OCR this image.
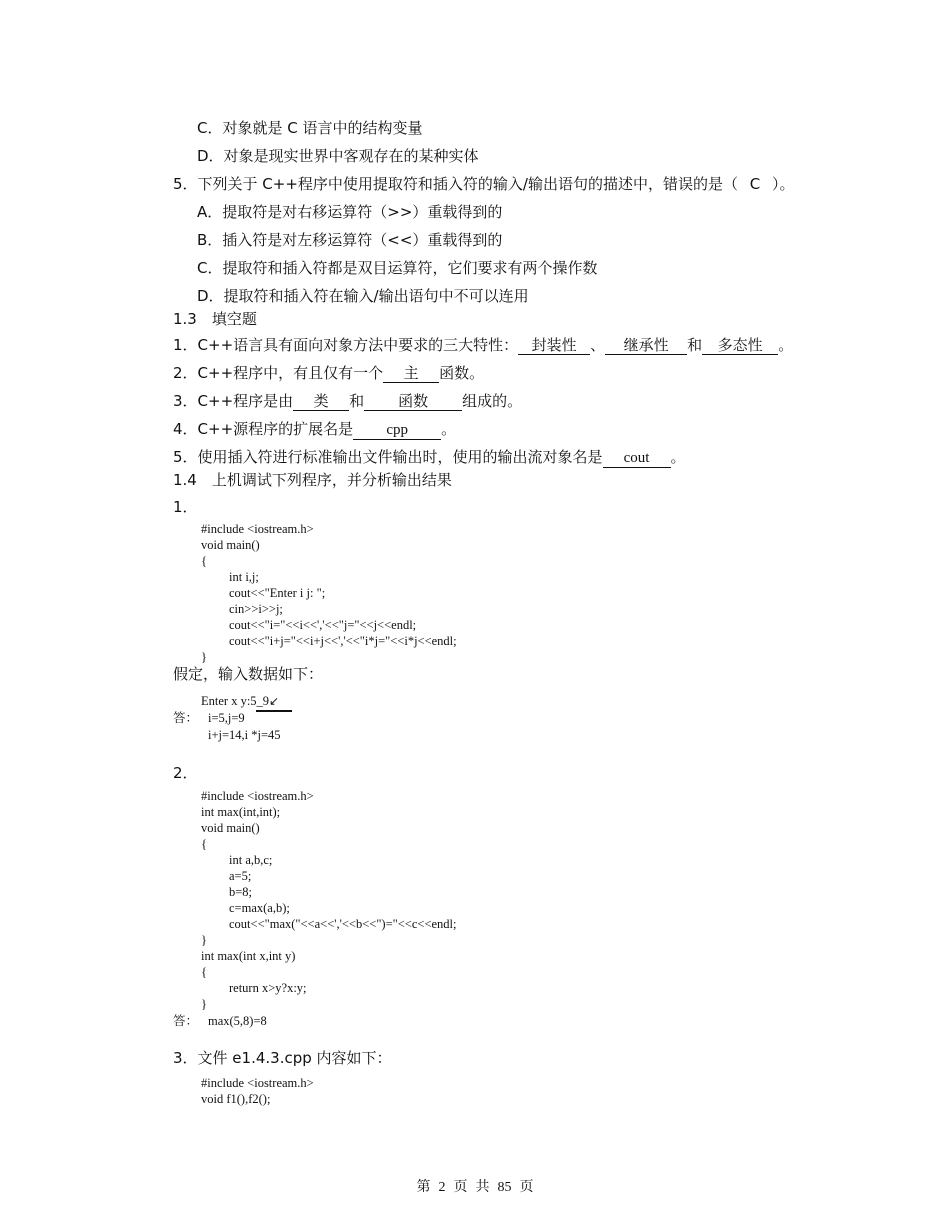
C．对象就是 C 语言中的结构变量
D．对象是现实世界中客观存在的某种实体
5．下列关于 C++程序中使用提取符和插入符的输入/输出语句的描述中，错误的是（ C ）。
A．提取符是对右移运算符（>>）重载得到的
B．插入符是对左移运算符（<<）重载得到的
C．提取符和插入符都是双目运算符，它们要求有两个操作数
D．提取符和插入符在输入/输出语句中不可以连用
1.3　填空题
1．C++语言具有面向对象方法中要求的三大特性： 封装性 、 继承性 和 多态性 。
2．C++程序中，有且仅有一个 主 函数。
3．C++程序是由 类 和 函数 组成的。
4．C++源程序的扩展名是 cpp 。
5．使用插入符进行标准输出文件输出时，使用的输出流对象名是 cout 。
1.4　上机调试下列程序，并分析输出结果
1．
#include <iostream.h>
void main()
{
int i,j;
cout<<"Enter i j: ";
cin>>i>>j;
cout<<"i="<<i<<','<<"j="<<j<<endl;
cout<<"i+j="<<i+j<<','<<"i*j="<<i*j<<endl;
}
假定，输入数据如下：
Enter x y:5_9↙
答： i=5,j=9
i+j=14,i *j=45
2．
#include <iostream.h>
int max(int,int);
void main()
{
int a,b,c;
a=5;
b=8;
c=max(a,b);
cout<<"max("<<a<<','<<b<<")="<<c<<endl;
}
int max(int x,int y)
{
return x>y?x:y;
}
答： max(5,8)=8
3．文件 e1.4.3.cpp 内容如下：
#include <iostream.h>
void f1(),f2();
第 2 页 共 85 页
